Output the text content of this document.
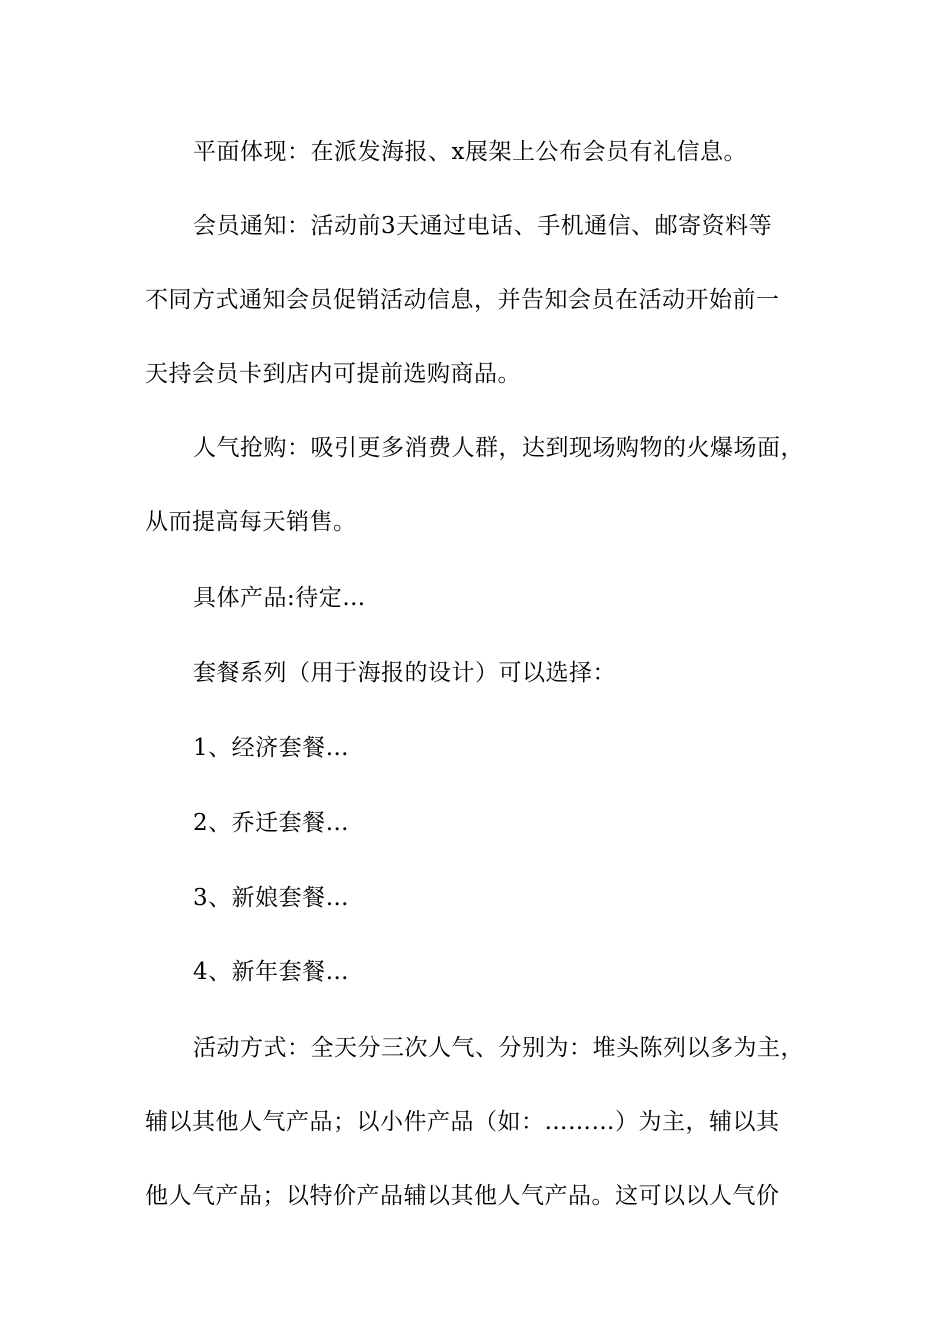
平面体现：在派发海报、x展架上公布会员有礼信息。
会员通知：活动前3天通过电话、手机通信、邮寄资料等
不同方式通知会员促销活动信息，并告知会员在活动开始前一
天持会员卡到店内可提前选购商品。
人气抢购：吸引更多消费人群，达到现场购物的火爆场面，
从而提高每天销售。
具体产品:待定…
套餐系列（用于海报的设计）可以选择：
1、经济套餐…
2、乔迁套餐…
3、新娘套餐…
4、新年套餐…
活动方式：全天分三次人气、分别为：堆头陈列以多为主，
辅以其他人气产品；以小件产品（如：………）为主，辅以其
他人气产品；以特价产品辅以其他人气产品。这可以以人气价
